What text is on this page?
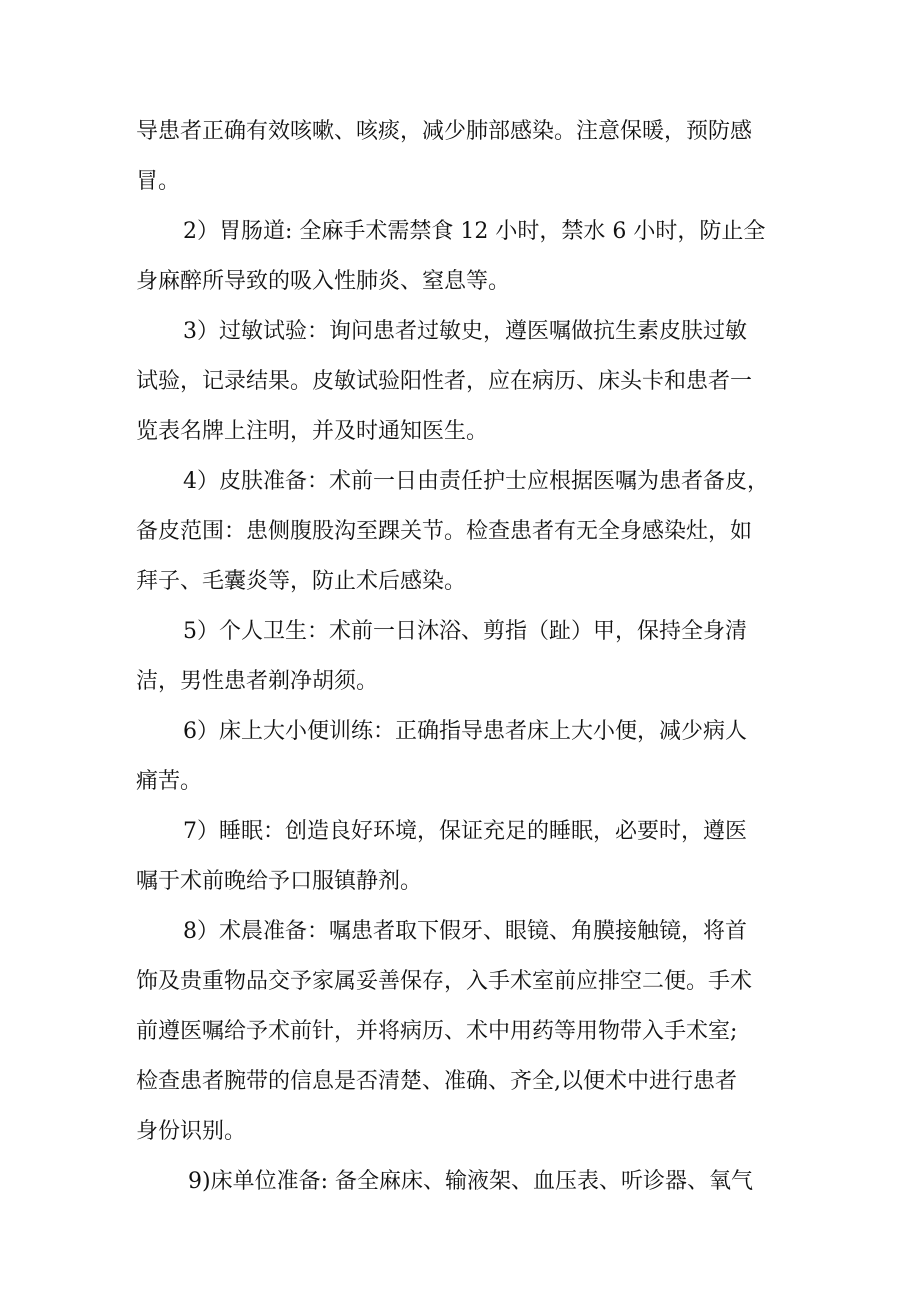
导患者正确有效咳嗽、咳痰，减少肺部感染。注意保暖，预防感

冒。

2）胃肠道: 全麻手术需禁食 12 小时，禁水 6 小时，防止全

身麻醉所导致的吸入性肺炎、窒息等。

3）过敏试验：询问患者过敏史，遵医嘱做抗生素皮肤过敏

试验，记录结果。皮敏试验阳性者，应在病历、床头卡和患者一

览表名牌上注明，并及时通知医生。

4）皮肤准备：术前一日由责任护士应根据医嘱为患者备皮，

备皮范围：患侧腹股沟至踝关节。检查患者有无全身感染灶，如

拜子、毛囊炎等，防止术后感染。

5）个人卫生：术前一日沐浴、剪指（趾）甲，保持全身清

洁，男性患者剃净胡须。

6）床上大小便训练：正确指导患者床上大小便，减少病人

痛苦。

7）睡眠：创造良好环境，保证充足的睡眠，必要时，遵医

嘱于术前晚给予口服镇静剂。

8）术晨准备：嘱患者取下假牙、眼镜、角膜接触镜，将首

饰及贵重物品交予家属妥善保存，入手术室前应排空二便。手术

前遵医嘱给予术前针，并将病历、术中用药等用物带入手术室;

检查患者腕带的信息是否清楚、准确、齐全,以便术中进行患者

身份识别。

9)床单位准备: 备全麻床、输液架、血压表、听诊器、氧气
